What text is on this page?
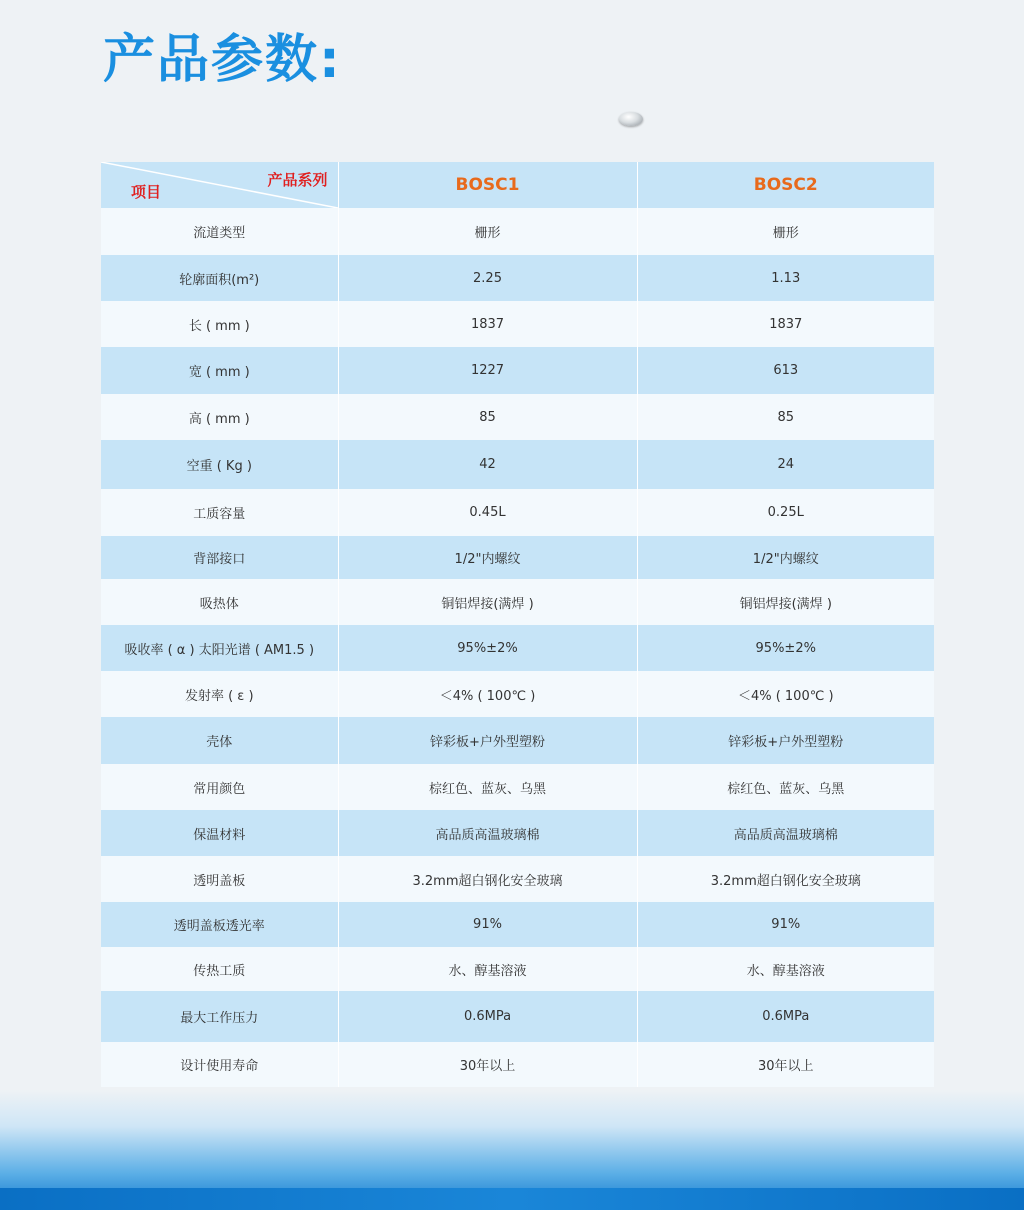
产品参数:
产品系列
项目	BOSC1	BOSC2
流道类型	栅形	栅形
轮廓面积(m²)	2.25	1.13
长 ( mm )	1837	1837
宽 ( mm )	1227	613
高 ( mm )	85	85
空重 ( Kg )	42	24
工质容量	0.45L	0.25L
背部接口	1/2"内螺纹	1/2"内螺纹
吸热体	铜铝焊接(满焊 )	铜铝焊接(满焊 )
吸收率 ( α ) 太阳光谱 ( AM1.5 )	95%±2%	95%±2%
发射率 ( ε )	＜4% ( 100℃ )	＜4% ( 100℃ )
壳体	锌彩板+户外型塑粉	锌彩板+户外型塑粉
常用颜色	棕红色、蓝灰、乌黑	棕红色、蓝灰、乌黑
保温材料	高品质高温玻璃棉	高品质高温玻璃棉
透明盖板	3.2mm超白钢化安全玻璃	3.2mm超白钢化安全玻璃
透明盖板透光率	91%	91%
传热工质	水、醇基溶液	水、醇基溶液
最大工作压力	0.6MPa	0.6MPa
设计使用寿命	30年以上	30年以上
